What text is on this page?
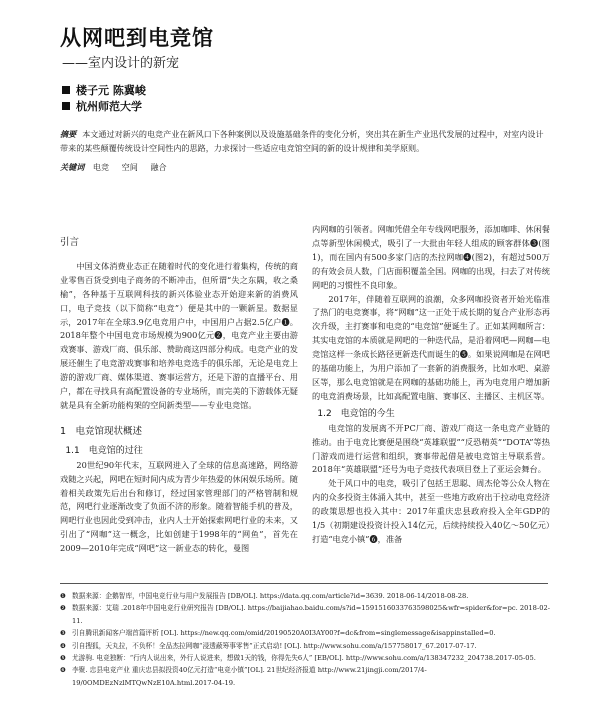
从网吧到电竞馆
——室内设计的新宠
楼子元 陈冀峻
杭州师范大学
摘要 本文通过对新兴的电竞产业在新风口下各种案例以及设施基础条件的变化分析，突出其在新生产业迅代发展的过程中，对室内设计带来的某些颠覆传统设计空间性内的思路，力求探讨一些适应电竞馆空间的新的设计规律和美学原则。
关键词 电竞 空间 融合

引言

中国文体消费业态正在随着时代的变化进行着集构，传统的商业零售百货受到电子商务的不断冲击，但所谓“失之东隅，收之桑榆”，各种基于互联网科技的新兴体验业态开始迎来新的消费风口，电子竞技（以下简称“电竞”）便是其中的一颗新星。数据显示，2017年在全球3.9亿电竞用户中，中国用户占据2.5亿户❶。2018年整个中国电竞市场规模为900亿元❷，电竞产业主要由游戏赛事、游戏厂商、俱乐部、赞助商这四部分构成。电竞产业的发展还催生了电竞游戏赛事和培养电竞选手的俱乐部，无论是电竞上游的游戏厂商、媒体渠道、赛事运营方，还是下游的直播平台、用户，都在寻找具有高配置设备的专业场所，而完美的下游载体无疑就是具有全新功能构架的空间新类型——专业电竞馆。

1　电竞馆现状概述

1.1　电竞馆的过往

20世纪90年代末，互联网进入了全球的信息高速路，网络游戏随之兴起，网吧在短时间内成为青少年热爱的休闲娱乐场所。随着相关政策先后出台和修订，经过国家管理部门的严格管制和规范，网吧行业逐渐改变了负面不济的形象。随着智能手机的普及，网吧行业也因此受到冲击，业内人士开始探索网吧行业的未来，又引出了“网咖”这一概念，比如创建于1998年的“网鱼”，首先在2009—2010年完成“网吧”这一新业态的转化，曼图

内网咖的引领者。网咖凭借全年专线网吧服务，添加咖啡、休闲餐点等新型休闲模式，吸引了一大批由年轻人组成的顾客群体❸(图1)，而在国内有500多家门店的杰拉网咖❹(图2)，有超过500万的有效会员人数，门店面积覆盖全国。网咖的出现，扫去了对传统网吧的习惯性不良印象。

2017年，伴随着互联网的浪潮，众多网咖投资者开始光临准了热门的电竞赛事，将“网咖”这一正处于成长期的复合产业形态再次升级，主打赛事和电竞的“电竞馆”便诞生了。正如某网咖所言：其实电竞馆的本质就是网吧的一种迭代品，是沿着网吧—网咖—电竞馆这样一条成长路径更新迭代而诞生的❺。如果说网咖是在网吧的基础功能上，为用户添加了一套新的消费服务，比如水吧、桌游区等，那么电竞馆就是在网咖的基础功能上，再为电竞用户增加新的电竞消费场景，比如高配置电脑、赛事区、主播区、主机区等。

1.2　电竞馆的今生

电竞馆的发展离不开PC厂商、游戏厂商这一条电竞产业链的推动。由于电竞比赛便是围绕“英雄联盟”“反恐精英”“DOTA”等热门游戏而进行运营和组织，赛事带起借是被电竞馆主导联系营。2018年“英雄联盟”还号为电子竞技代表项目登上了亚运会舞台。

处于风口中的电竞，吸引了包括王思聪、周杰伦等公众人物在内的众多投资主体涌入其中，甚至一些地方政府出于拉动电竞经济的政策思想也投入其中：2017年重庆忠县政府投入全年GDP的1/5（初期建设投资计投入14亿元，后续持续投入40亿～50亿元）打造“电竞小镇”❻，准备

❶ 数据来源：企鹅智库，中国电竞行业与用户发展报告 [DB/OL]. https://data.qq.com/article?id=3639. 2018-06-14/2018-08-28.
❷ 数据来源：艾瑞 .2018年中国电竞行业研究报告 [DB/OL]. https://baijiahao.baidu.com/s?id=1591516033763598025&wfr=spider&for=pc. 2018-02-11.
❸ 引自腾讯新闻客户端首篇评析 [OL]. https://new.qq.com/omid/20190520A0I3AY00?f=dc&from=singlemessage&isappinstalled=0.
❹ 引自搜狐，天丸拉，不负杯！全品杰拉网咖“浸透蔽筹事零售”正式启动! [OL]. http://www.sohu.com/a/157758017_67.2017-07-17.
❺ 尤游驹. 电竞独断：“行内人说出来，外行人说进来，想做1天的钱，你得先失6人” [EB/OL]. http://www.sohu.com/a/138347232_204738.2017-05-05.
❻ 李聚. 忠县电竞产业 重庆忠县拟投资40亿元打造“电竞小镇”[OL]. 21世纪经济报道 http://www.21jingji.com/2017/4-19/0OMDEzNzlMTQwNzE10A.html.2017-04-19.
